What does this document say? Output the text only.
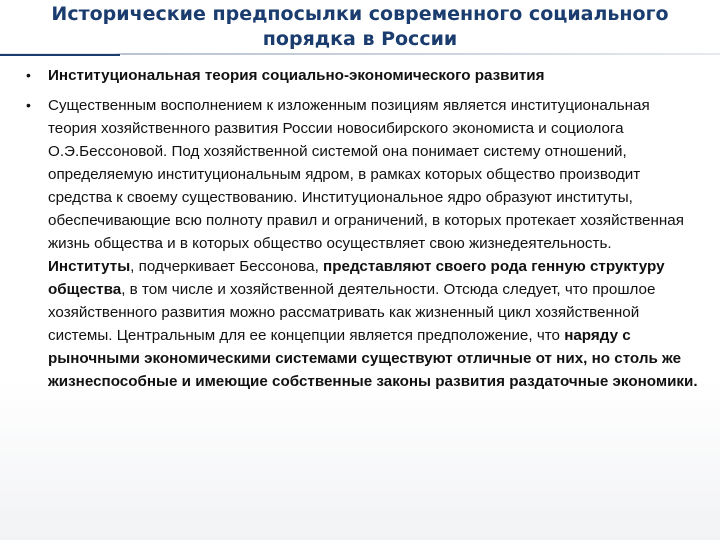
Исторические предпосылки современного социального порядка в России
• Институциональная теория социально-экономического развития
• Существенным восполнением к изложенным позициям является институциональная теория хозяйственного развития России новосибирского экономиста и социолога О.Э.Бессоновой. Под хозяйственной системой она понимает систему отношений, определяемую институциональным ядром, в рамках которых общество производит средства к своему существованию. Институциональное ядро образуют институты, обеспечивающие всю полноту правил и ограничений, в которых протекает хозяйственная жизнь общества и в которых общество осуществляет свою жизнедеятельность. Институты, подчеркивает Бессонова, представляют своего рода генную структуру общества, в том числе и хозяйственной деятельности. Отсюда следует, что прошлое хозяйственного развития можно рассматривать как жизненный цикл хозяйственной системы. Центральным для ее концепции является предположение, что наряду с рыночными экономическими системами существуют отличные от них, но столь же жизнеспособные и имеющие собственные законы развития раздаточные экономики.
